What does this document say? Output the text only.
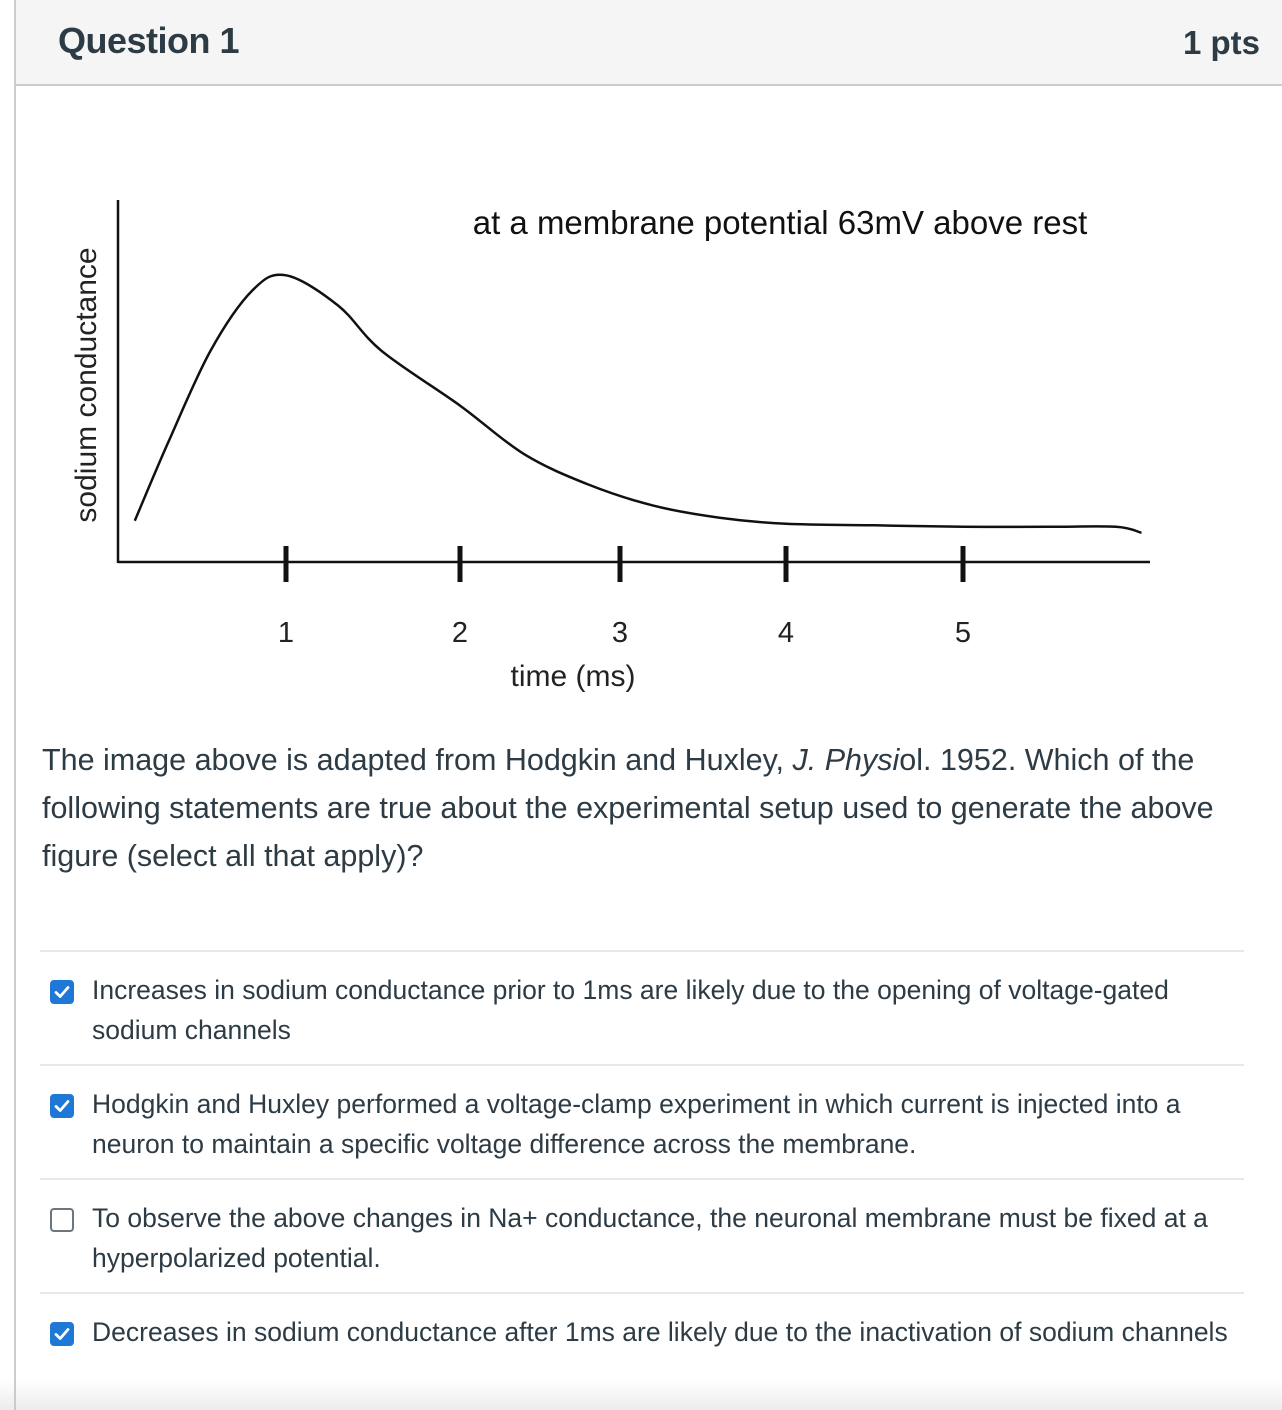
Question 1	1 pts
at a membrane potential 63mV above rest
sodium conductance
time (ms)
1	2	3	4	5
The image above is adapted from Hodgkin and Huxley, J. Physiol. 1952. Which of the following statements are true about the experimental setup used to generate the above figure (select all that apply)?
Increases in sodium conductance prior to 1ms are likely due to the opening of voltage-gated sodium channels
Hodgkin and Huxley performed a voltage-clamp experiment in which current is injected into a neuron to maintain a specific voltage difference across the membrane.
To observe the above changes in Na+ conductance, the neuronal membrane must be fixed at a hyperpolarized potential.
Decreases in sodium conductance after 1ms are likely due to the inactivation of sodium channels
